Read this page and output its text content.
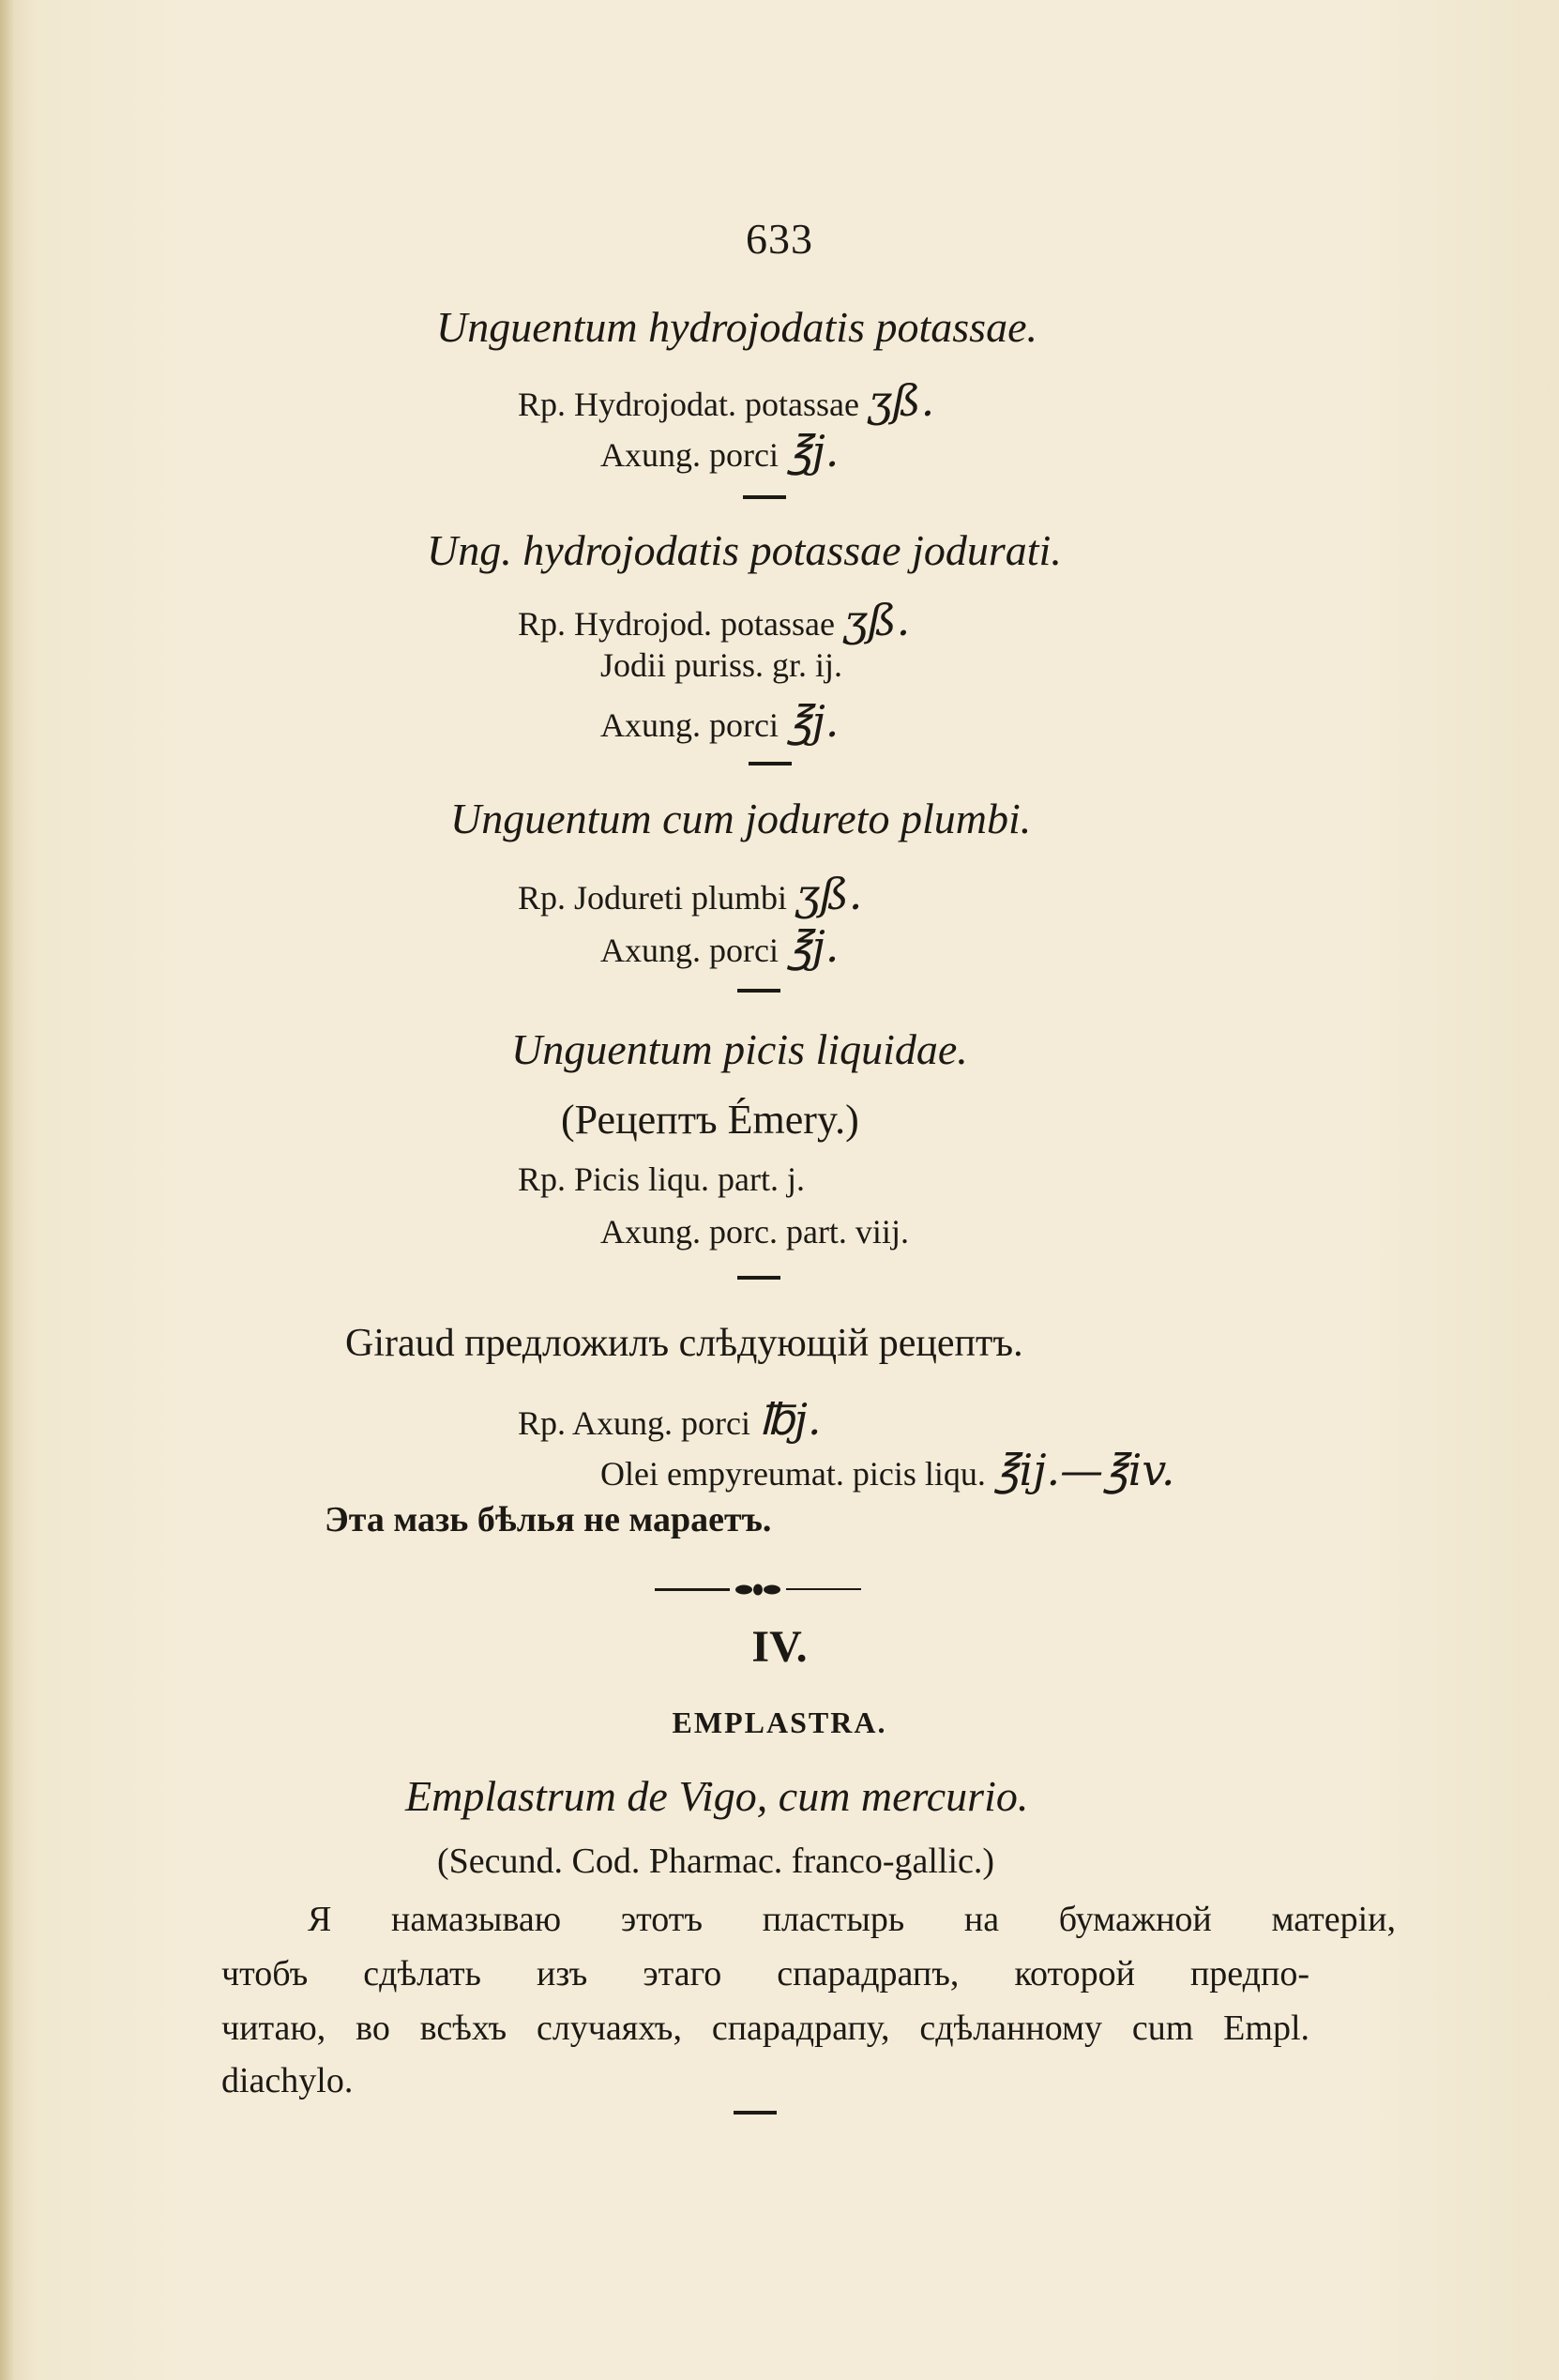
633
Unguentum hydrojodatis potassae.
Rp. Hydrojodat. potassae ʒß.
Axung. porci ℥j.
Ung. hydrojodatis potassae jodurati.
Rp. Hydrojod. potassae ʒß.
Jodii puriss. gr. ij.
Axung. porci ℥j.
Unguentum cum jodureto plumbi.
Rp. Jodureti plumbi ʒß.
Axung. porci ℥j.
Unguentum picis liquidae.
(Рецептъ Émery.)
Rp. Picis liqu. part. j.
Axung. porc. part. viij.
Giraud предложилъ слѣдующій рецептъ.
Rp. Axung. porci ℔j.
Olei empyreumat. picis liqu. ℥ij.—℥iv.
Эта мазь бѣлья не мараетъ.
IV.
EMPLASTRA.
Emplastrum de Vigo, cum mercurio.
(Secund. Cod. Pharmac. franco-gallic.)
Я намазываю этотъ пластырь на бумажной матеріи,
чтобъ сдѣлать изъ этаго спарадрапъ, которой предпо-
читаю, во всѣхъ случаяхъ, спарадрапу, сдѣланному cum Empl.
diachylo.
